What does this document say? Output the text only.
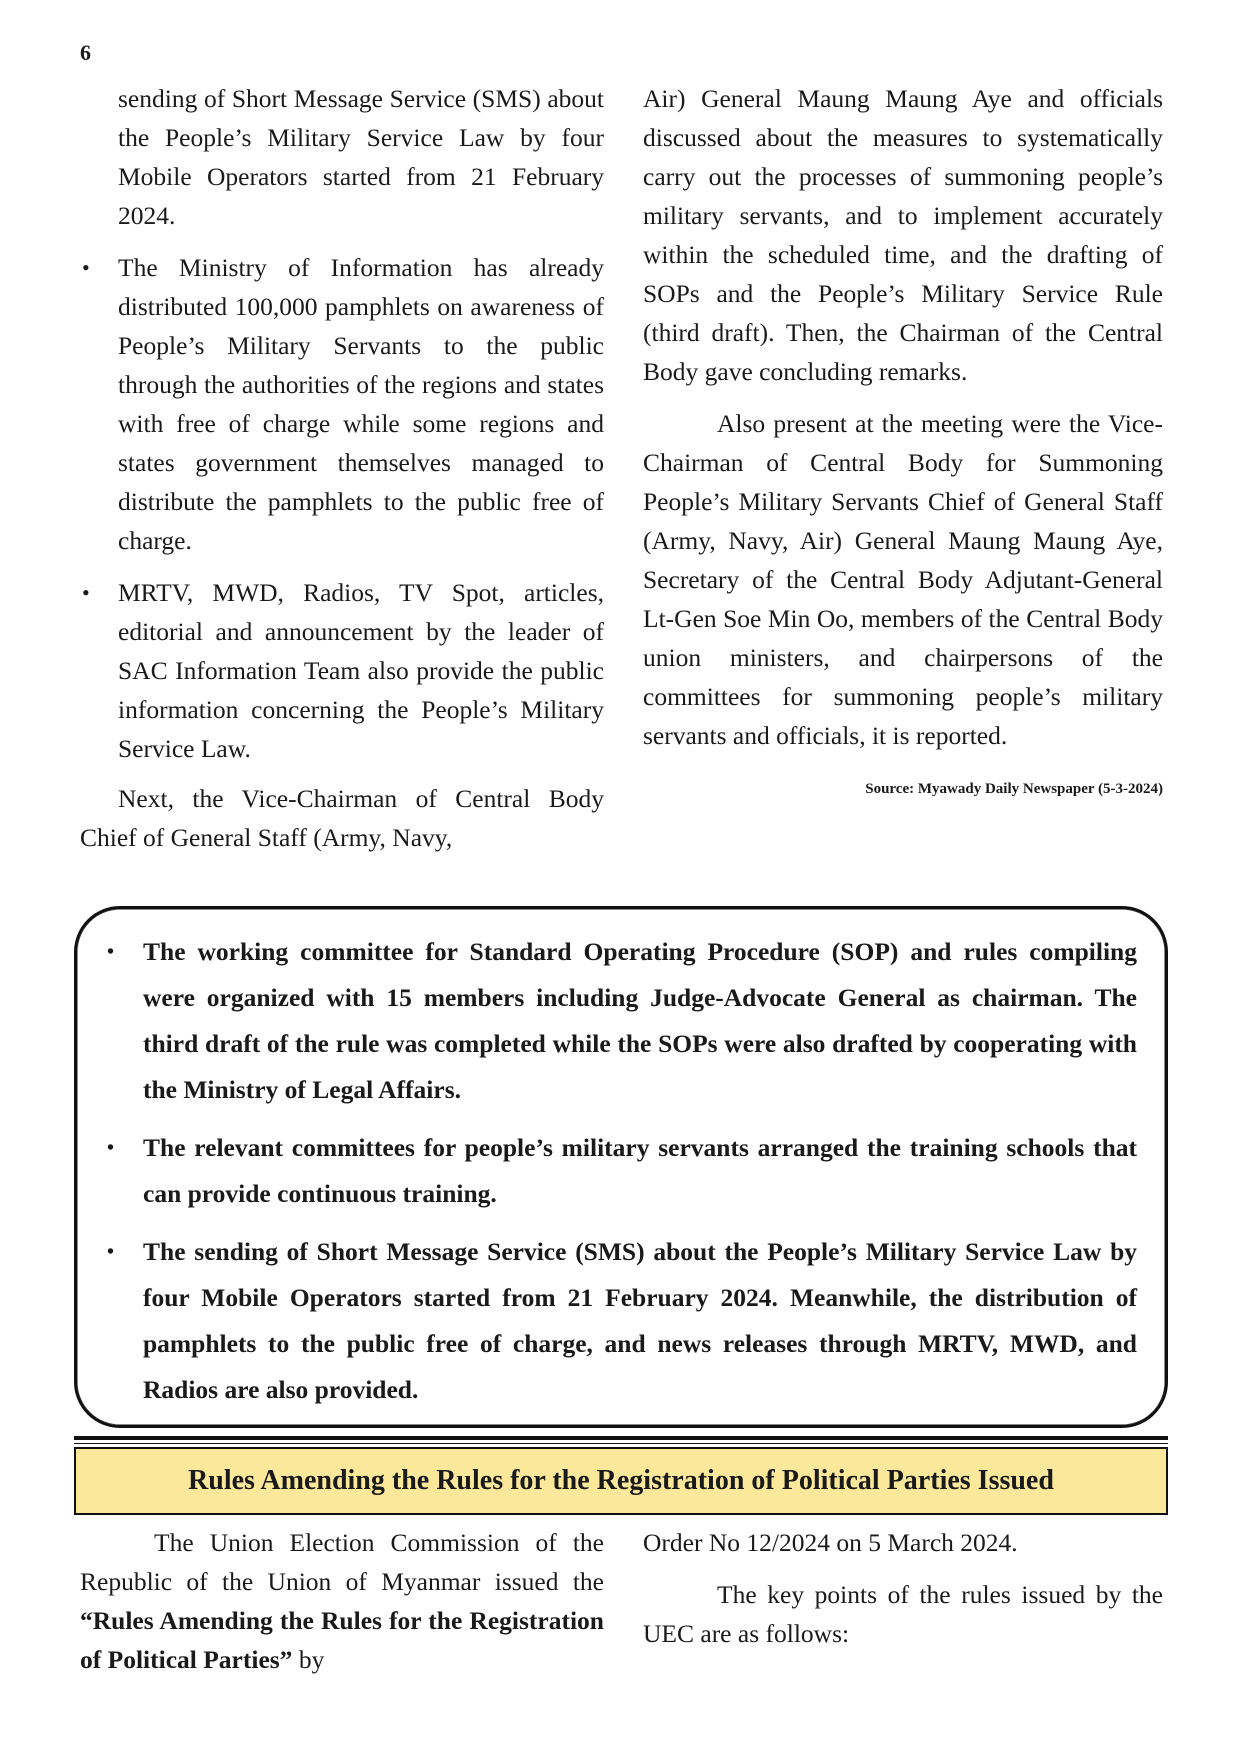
6

sending of Short Message Service (SMS) about the People’s Military Service Law by four Mobile Operators started from 21 February 2024.

• The Ministry of Information has already distributed 100,000 pamphlets on awareness of People’s Military Servants to the public through the authorities of the regions and states with free of charge while some regions and states government themselves managed to distribute the pamphlets to the public free of charge.

• MRTV, MWD, Radios, TV Spot, articles, editorial and announcement by the leader of SAC Information Team also provide the public information concerning the People’s Military Service Law.

Next, the Vice-Chairman of Central Body Chief of General Staff (Army, Navy,

Air) General Maung Maung Aye and officials discussed about the measures to systematically carry out the processes of summoning people’s military servants, and to implement accurately within the scheduled time, and the drafting of SOPs and the People’s Military Service Rule (third draft). Then, the Chairman of the Central Body gave concluding remarks.

Also present at the meeting were the Vice-Chairman of Central Body for Summoning People’s Military Servants Chief of General Staff (Army, Navy, Air) General Maung Maung Aye, Secretary of the Central Body Adjutant-General Lt-Gen Soe Min Oo, members of the Central Body union ministers, and chairpersons of the committees for summoning people’s military servants and officials, it is reported.

Source: Myawady Daily Newspaper (5-3-2024)

• The working committee for Standard Operating Procedure (SOP) and rules compiling were organized with 15 members including Judge-Advocate General as chairman. The third draft of the rule was completed while the SOPs were also drafted by cooperating with the Ministry of Legal Affairs.
• The relevant committees for people’s military servants arranged the training schools that can provide continuous training.
• The sending of Short Message Service (SMS) about the People’s Military Service Law by four Mobile Operators started from 21 February 2024. Meanwhile, the distribution of pamphlets to the public free of charge, and news releases through MRTV, MWD, and Radios are also provided.
Rules Amending the Rules for the Registration of Political Parties Issued

The Union Election Commission of the Republic of the Union of Myanmar issued the “Rules Amending the Rules for the Registration of Political Parties” by

Order No 12/2024 on 5 March 2024.

The key points of the rules issued by the UEC are as follows:
